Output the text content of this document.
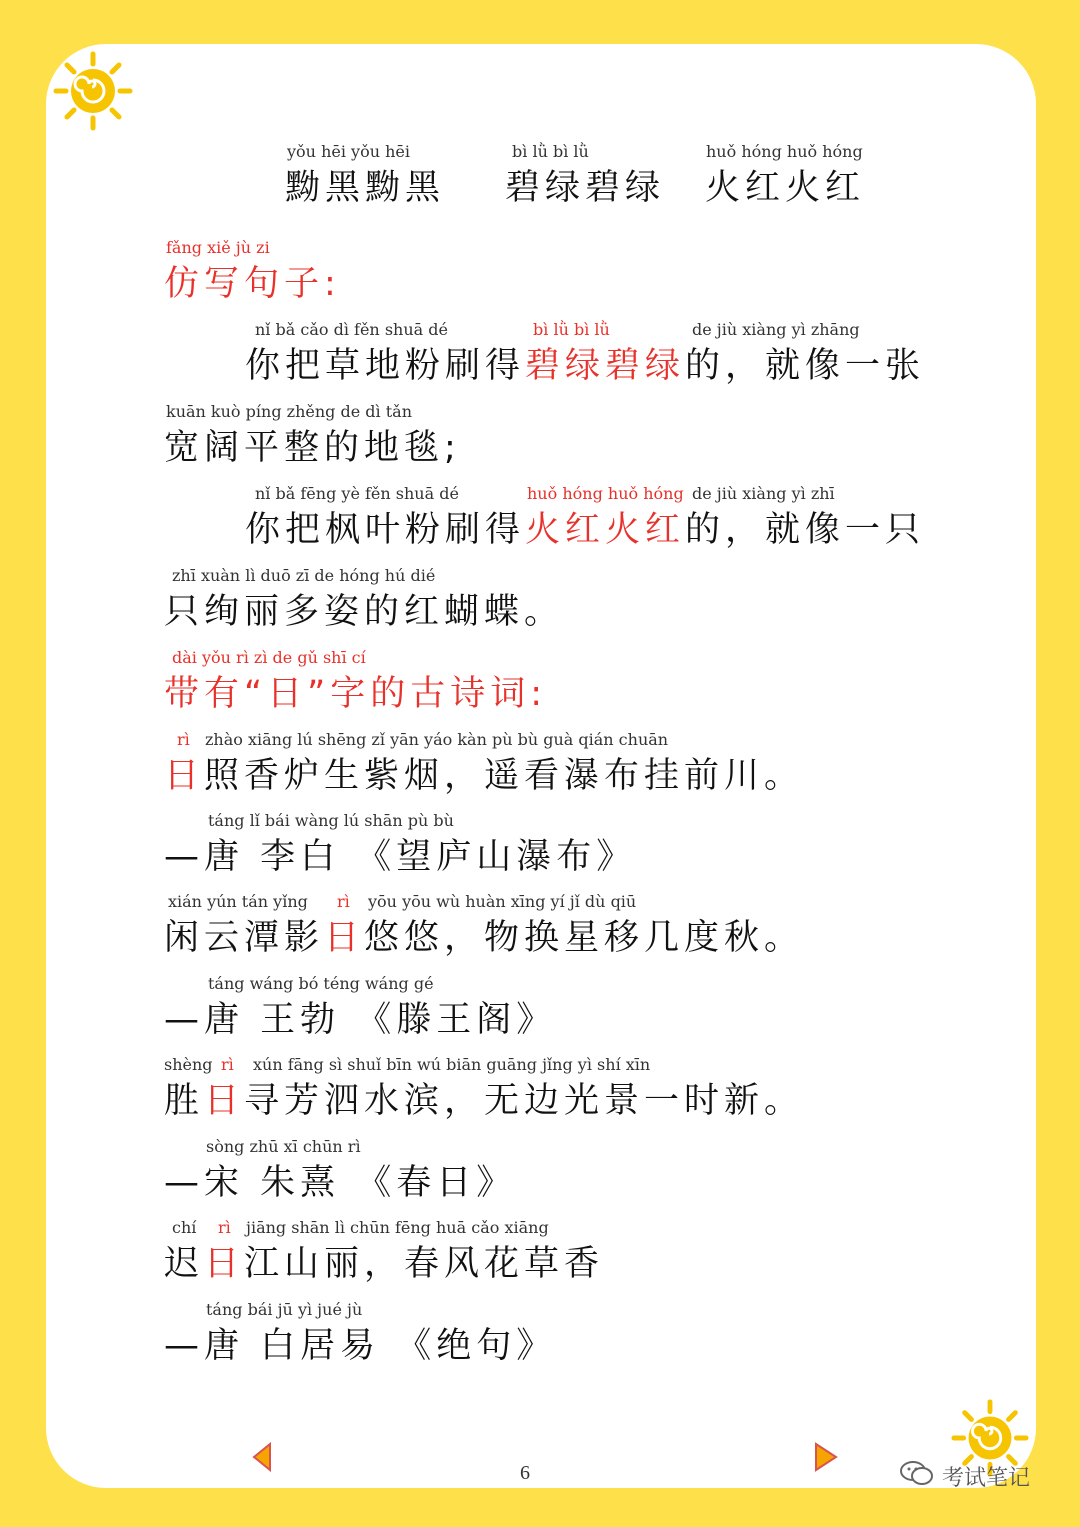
yǒu hēi yǒu hēi	bì lǜ bì lǜ	huǒ hóng huǒ hóng
黝黑黝黑 碧绿碧绿 火红火红
fǎng xiě jù zi
仿写句子:
nǐ bǎ cǎo dì fěn shuā dé	bì lǜ bì lǜ	de jiù xiàng yì zhāng
你把草地粉刷得碧绿碧绿的，就像一张
kuān kuò píng zhěng de dì tǎn
宽阔平整的地毯;
nǐ bǎ fēng yè fěn shuā dé	huǒ hóng huǒ hóng de jiù xiàng yì zhī
你把枫叶粉刷得火红火红的，就像一只
zhī xuàn lì duō zī de hóng hú dié
只绚丽多姿的红蝴蝶。
dài yǒu rì zì de gǔ shī cí
带有“日”字的古诗词:
rì zhào xiāng lú shēng zǐ yān yáo kàn pù bù guà qián chuān
日照香炉生紫烟，遥看瀑布挂前川。
táng lǐ bái wàng lú shān pù bù
—唐 李白 《望庐山瀑布》
xián yún tán yǐng rì yōu yōu wù huàn xīng yí jǐ dù qiū
闲云潭影日悠悠，物换星移几度秋。
táng wáng bó téng wáng gé
—唐 王勃 《滕王阁》
shèng rì xún fāng sì shuǐ bīn wú biān guāng jǐng yì shí xīn
胜日寻芳泗水滨，无边光景一时新。
sòng zhū xī chūn rì
—宋 朱熹 《春日》
chí rì jiāng shān lì chūn fēng huā cǎo xiāng
迟日江山丽，春风花草香
táng bái jū yì jué jù
—唐 白居易 《绝句》
6	考试笔记
